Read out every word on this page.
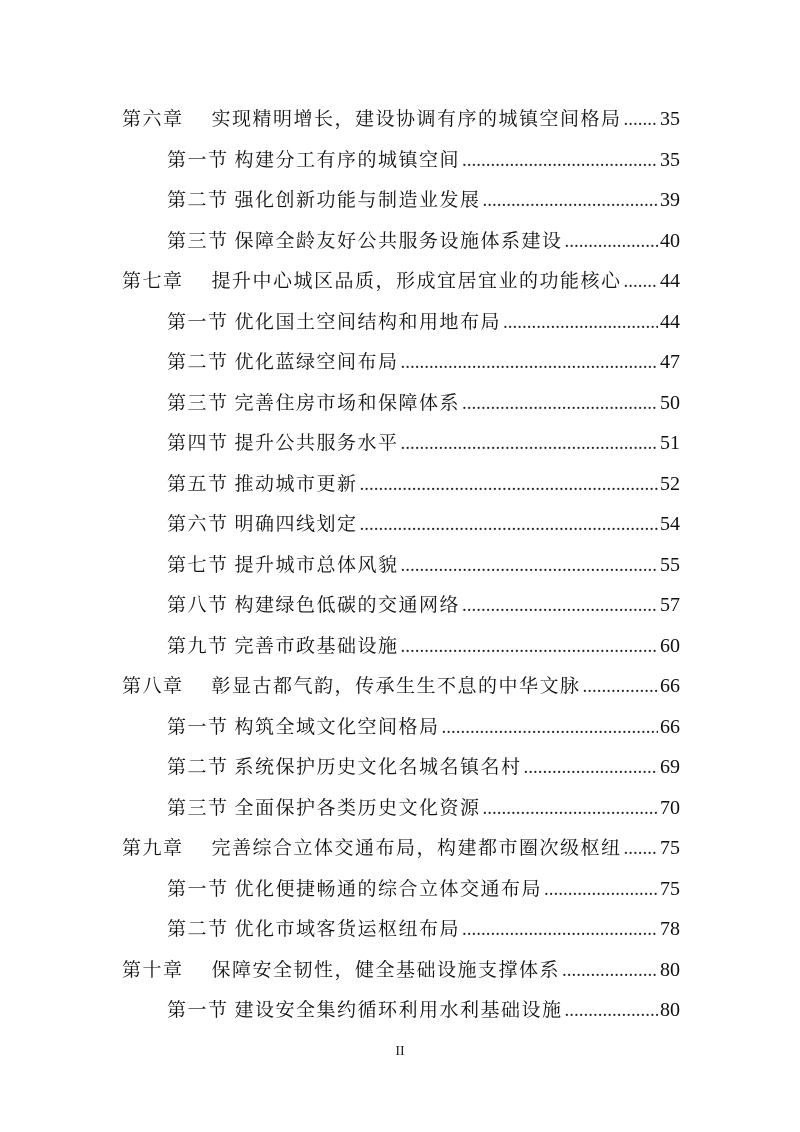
第六章 实现精明增长，建设协调有序的城镇空间格局 ..... 35
第一节 构建分工有序的城镇空间 .....	35
第二节 强化创新功能与制造业发展 .....	39
第三节 保障全龄友好公共服务设施体系建设 .....	40
第七章 提升中心城区品质，形成宜居宜业的功能核心 ..... 44
第一节 优化国土空间结构和用地布局 .....	44
第二节 优化蓝绿空间布局 .....	47
第三节 完善住房市场和保障体系 .....	50
第四节 提升公共服务水平 .....	51
第五节 推动城市更新 .....	52
第六节 明确四线划定 .....	54
第七节 提升城市总体风貌 .....	55
第八节 构建绿色低碳的交通网络 .....	57
第九节 完善市政基础设施 .....	60
第八章 彰显古都气韵，传承生生不息的中华文脉 .....	66
第一节 构筑全域文化空间格局 .....	66
第二节 系统保护历史文化名城名镇名村 .....	69
第三节 全面保护各类历史文化资源 .....	70
第九章 完善综合立体交通布局，构建都市圈次级枢纽 ..... 75
第一节 优化便捷畅通的综合立体交通布局 .....	75
第二节 优化市域客货运枢纽布局 .....	78
第十章 保障安全韧性，健全基础设施支撑体系 .....	80
第一节 建设安全集约循环利用水利基础设施 .....	80
II
